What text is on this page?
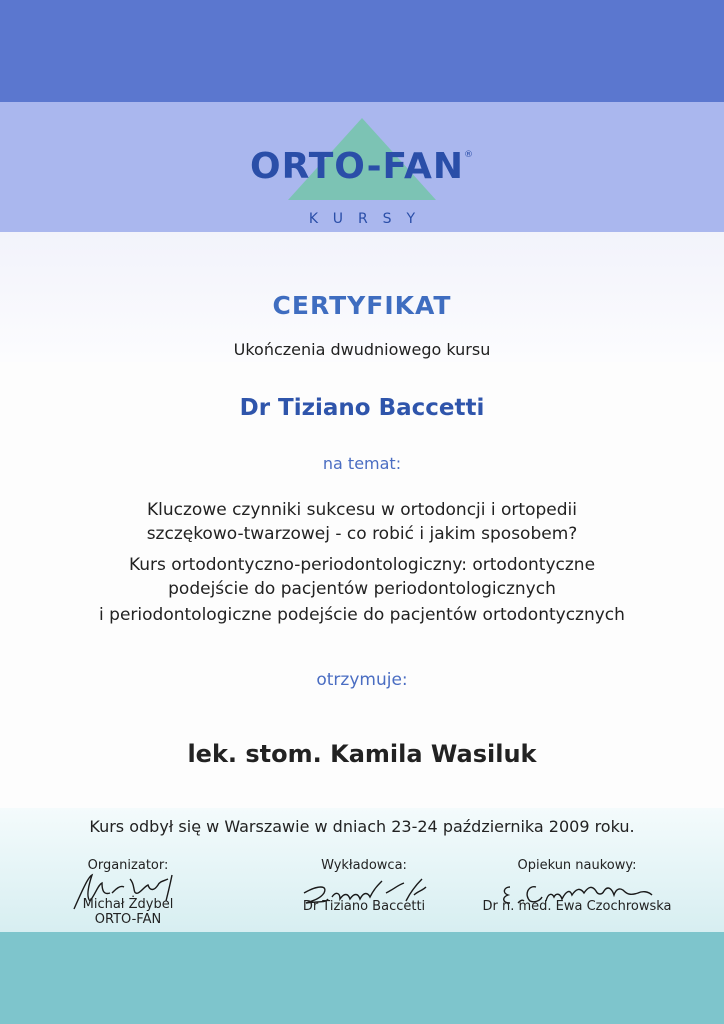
ORTO-FAN®
KURSY
CERTYFIKAT
Ukończenia dwudniowego kursu
Dr Tiziano Baccetti
na temat:
Kluczowe czynniki sukcesu w ortodoncji i ortopedii
szczękowo-twarzowej - co robić i jakim sposobem?
Kurs ortodontyczno-periodontologiczny: ortodontyczne
podejście do pacjentów periodontologicznych
i periodontologiczne podejście do pacjentów ortodontycznych
otrzymuje:
lek. stom. Kamila Wasiluk
Kurs odbył się w Warszawie w dniach 23-24 października 2009 roku.
Organizator:
Michał Żdybel
ORTO-FAN
Wykładowca:
Dr Tiziano Baccetti
Opiekun naukowy:
Dr n. med. Ewa Czochrowska
